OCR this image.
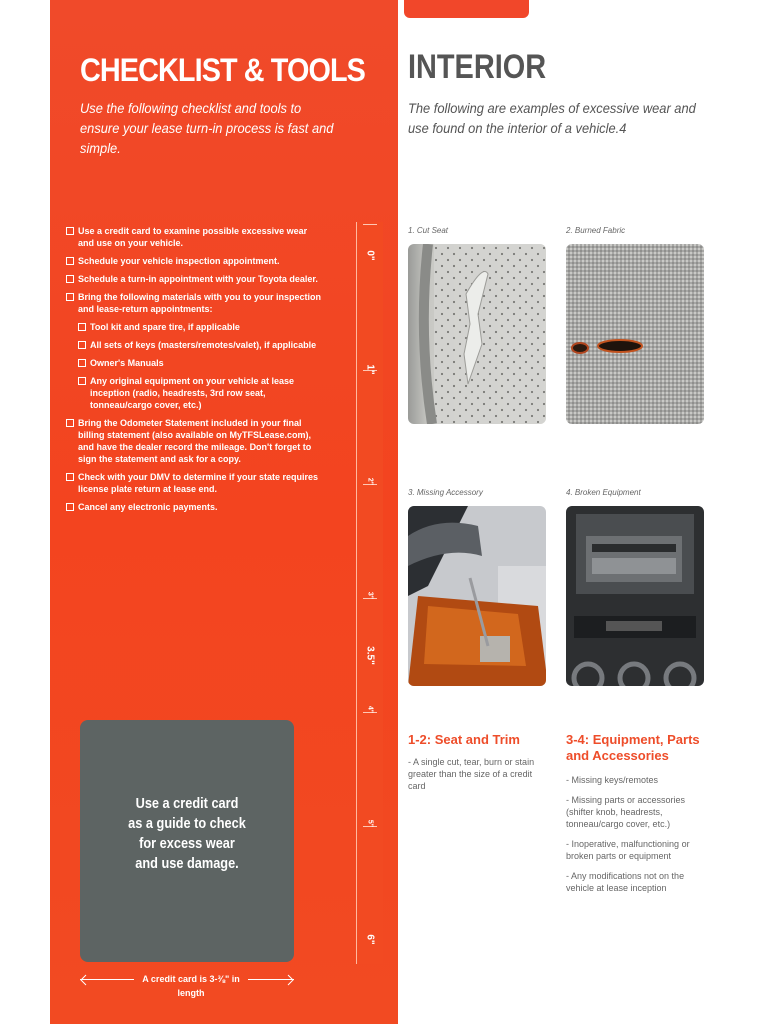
CHECKLIST & TOOLS
Use the following checklist and tools to ensure your lease turn-in process is fast and simple.
INTERIOR
The following are examples of excessive wear and use found on the interior of a vehicle.4
Use a credit card to examine possible excessive wear and use on your vehicle.
Schedule your vehicle inspection appointment.
Schedule a turn-in appointment with your Toyota dealer.
Bring the following materials with you to your inspection and lease-return appointments:
Tool kit and spare tire, if applicable
All sets of keys (masters/remotes/valet), if applicable
Owner's Manuals
Any original equipment on your vehicle at lease inception (radio, headrests, 3rd row seat, tonneau/cargo cover, etc.)
Bring the Odometer Statement included in your final billing statement (also available on MyTFSLease.com), and have the dealer record the mileage. Don't forget to sign the statement and ask for a copy.
Check with your DMV to determine if your state requires license plate return at lease end.
Cancel any electronic payments.
0"
1"
2"
3"
3.5"
4"
5"
6"
Use a credit card
as a guide to check
for excess wear
and use damage.
A credit card is 3-⅜" in length
1. Cut Seat	2. Burned Fabric
3. Missing Accessory	4. Broken Equipment
1-2: Seat and Trim
- A single cut, tear, burn or stain greater than the size of a credit card
3-4: Equipment, Parts and Accessories
- Missing keys/remotes
- Missing parts or accessories (shifter knob, headrests, tonneau/cargo cover, etc.)
- Inoperative, malfunctioning or broken parts or equipment
- Any modifications not on the vehicle at lease inception
